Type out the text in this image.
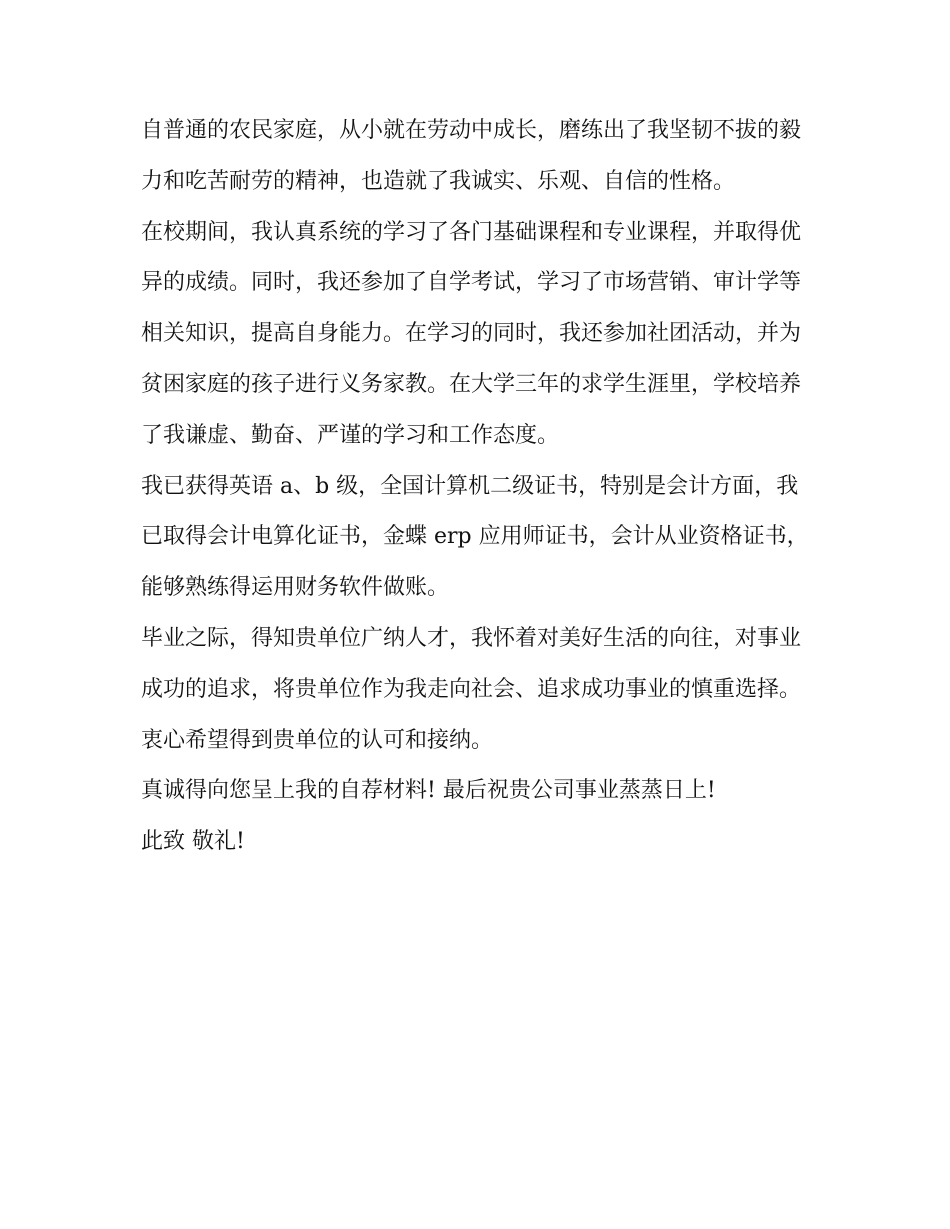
自普通的农民家庭，从小就在劳动中成长，磨练出了我坚韧不拔的毅力和吃苦耐劳的精神，也造就了我诚实、乐观、自信的性格。

在校期间，我认真系统的学习了各门基础课程和专业课程，并取得优异的成绩。同时，我还参加了自学考试，学习了市场营销、审计学等相关知识，提高自身能力。在学习的同时，我还参加社团活动，并为贫困家庭的孩子进行义务家教。在大学三年的求学生涯里，学校培养了我谦虚、勤奋、严谨的学习和工作态度。

我已获得英语 a、b 级，全国计算机二级证书，特别是会计方面，我已取得会计电算化证书，金蝶 erp 应用师证书，会计从业资格证书，能够熟练得运用财务软件做账。

毕业之际，得知贵单位广纳人才，我怀着对美好生活的向往，对事业成功的追求，将贵单位作为我走向社会、追求成功事业的慎重选择。衷心希望得到贵单位的认可和接纳。

真诚得向您呈上我的自荐材料! 最后祝贵公司事业蒸蒸日上!

此致 敬礼!
